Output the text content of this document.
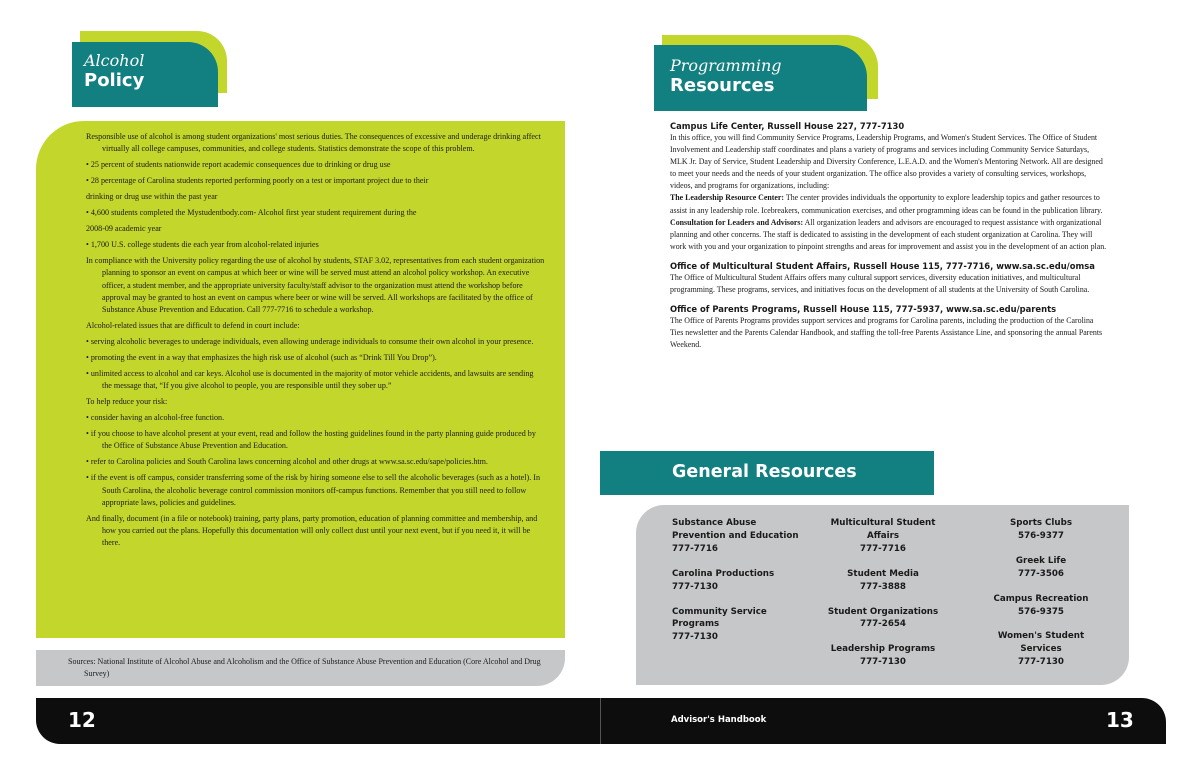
Alcohol
Policy

Responsible use of alcohol is among student organizations' most serious duties. The consequences of excessive and underage drinking affect virtually all college campuses, communities, and college students. Statistics demonstrate the scope of this problem.

• 25 percent of students nationwide report academic consequences due to drinking or drug use

• 28 percentage of Carolina students reported performing poorly on a test or important project due to their

drinking or drug use within the past year

• 4,600 students completed the Mystudentbody.com- Alcohol first year student requirement during the

2008-09 academic year

• 1,700 U.S. college students die each year from alcohol-related injuries

In compliance with the University policy regarding the use of alcohol by students, STAF 3.02, representatives from each student organization planning to sponsor an event on campus at which beer or wine will be served must attend an alcohol policy workshop. An executive officer, a student member, and the appropriate university faculty/staff advisor to the organization must attend the workshop before approval may be granted to host an event on campus where beer or wine will be served. All workshops are facilitated by the office of Substance Abuse Prevention and Education. Call 777-7716 to schedule a workshop.

Alcohol-related issues that are difficult to defend in court include:

• serving alcoholic beverages to underage individuals, even allowing underage individuals to consume their own alcohol in your presence.

• promoting the event in a way that emphasizes the high risk use of alcohol (such as “Drink Till You Drop”).

• unlimited access to alcohol and car keys. Alcohol use is documented in the majority of motor vehicle accidents, and lawsuits are sending the message that, “If you give alcohol to people, you are responsible until they sober up.”

To help reduce your risk:

• consider having an alcohol-free function.

• if you choose to have alcohol present at your event, read and follow the hosting guidelines found in the party planning guide produced by the Office of Substance Abuse Prevention and Education.

• refer to Carolina policies and South Carolina laws concerning alcohol and other drugs at www.sa.sc.edu/sape/policies.htm.

• if the event is off campus, consider transferring some of the risk by hiring someone else to sell the alcoholic beverages (such as a hotel). In South Carolina, the alcoholic beverage control commission monitors off-campus functions. Remember that you still need to follow appropriate laws, policies and guidelines.

And finally, document (in a file or notebook) training, party plans, party promotion, education of planning committee and membership, and how you carried out the plans. Hopefully this documentation will only collect dust until your next event, but if you need it, it will be there.

Sources: National Institute of Alcohol Abuse and Alcoholism and the Office of Substance Abuse Prevention and Education (Core Alcohol and Drug Survey)

Programming
Resources
Campus Life Center, Russell House 227, 777-7130

In this office, you will find Community Service Programs, Leadership Programs, and Women's Student Services. The Office of Student Involvement and Leadership staff coordinates and plans a variety of programs and services including Community Service Saturdays, MLK Jr. Day of Service, Student Leadership and Diversity Conference, L.E.A.D. and the Women's Mentoring Network. All are designed to meet your needs and the needs of your student organization. The office also provides a variety of consulting services, workshops, videos, and programs for organizations, including:

The Leadership Resource Center: The center provides individuals the opportunity to explore leadership topics and gather resources to assist in any leadership role. Icebreakers, communication exercises, and other programming ideas can be found in the publication library.

Consultation for Leaders and Advisors: All organization leaders and advisors are encouraged to request assistance with organizational planning and other concerns. The staff is dedicated to assisting in the development of each student organization at Carolina. They will work with you and your organization to pinpoint strengths and areas for improvement and assist you in the development of an action plan.

Office of Multicultural Student Affairs, Russell House 115, 777-7716, www.sa.sc.edu/omsa

The Office of Multicultural Student Affairs offers many cultural support services, diversity education initiatives, and multicultural programming. These programs, services, and initiatives focus on the development of all students at the University of South Carolina.

Office of Parents Programs, Russell House 115, 777-5937, www.sa.sc.edu/parents

The Office of Parents Programs provides support services and programs for Carolina parents, including the production of the Carolina Ties newsletter and the Parents Calendar Handbook, and staffing the toll-free Parents Assistance Line, and sponsoring the annual Parents Weekend.

General Resources
Substance Abuse Prevention and Education
777-7716
Carolina Productions
777-7130
Community Service Programs
777-7130
Multicultural Student Affairs
777-7716
Student Media
777-3888
Student Organizations
777-2654
Leadership Programs
777-7130
Sports Clubs
576-9377
Greek Life
777-3506
Campus Recreation
576-9375
Women's Student Services
777-7130
12	Advisor's Handbook	13
